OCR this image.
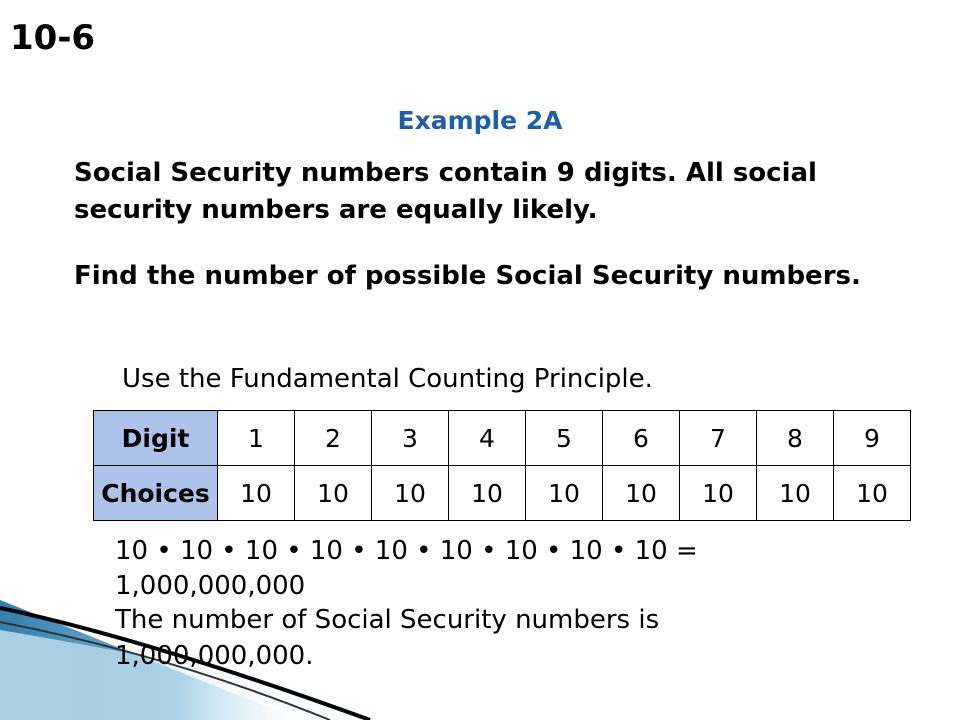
10-6
Example 2A
Social Security numbers contain 9 digits. All social security numbers are equally likely.
Find the number of possible Social Security numbers.
Use the Fundamental Counting Principle.
Digit	1	2	3	4	5	6	7	8	9
Choices	10	10	10	10	10	10	10	10	10
10 • 10 • 10 • 10 • 10 • 10 • 10 • 10 • 10 =
1,000,000,000
The number of Social Security numbers is
1,000,000,000.
